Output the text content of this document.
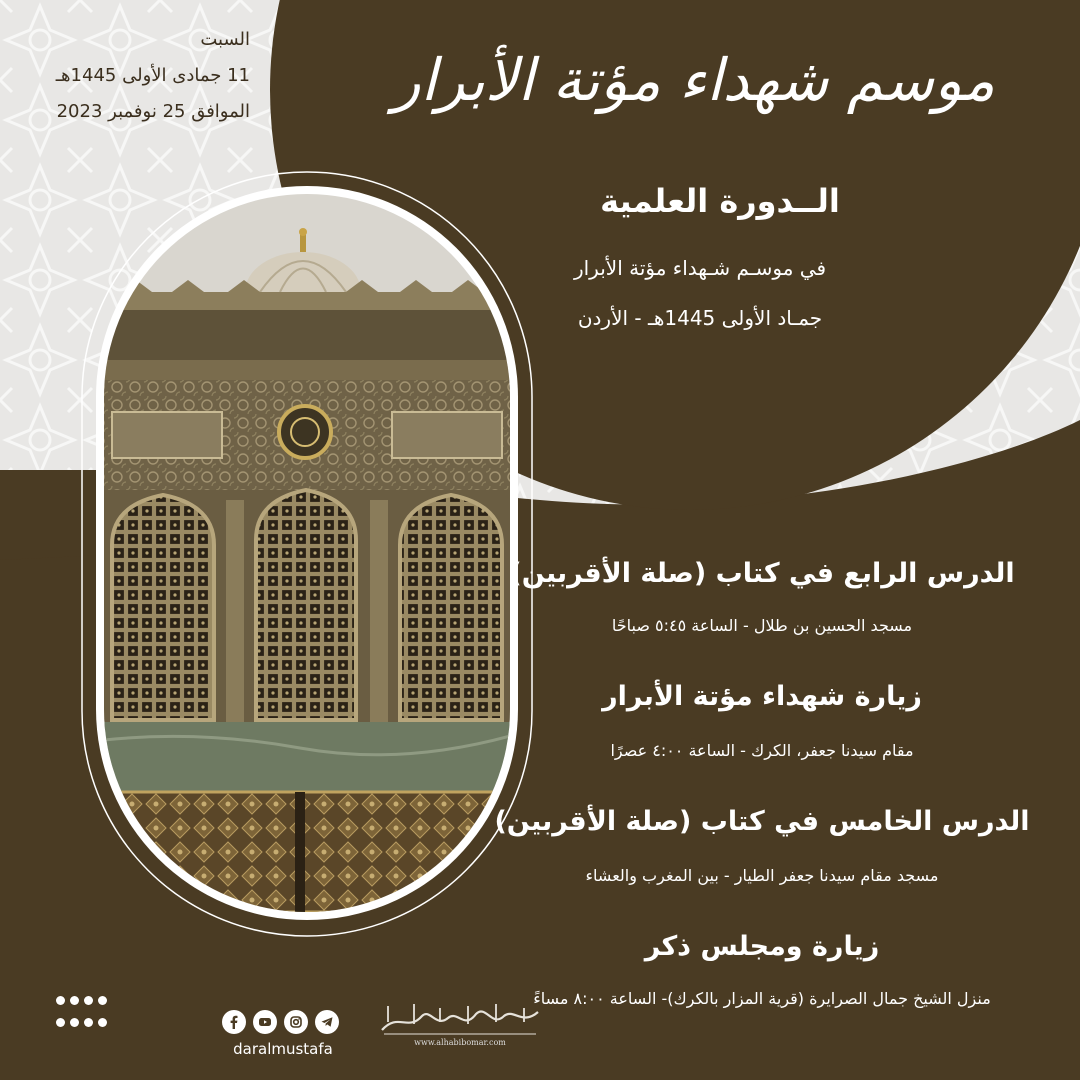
السبت
11 جمادى الأولى 1445هـ
الموافق 25 نوفمبر 2023 موسم شهداء مؤتة الأبرار
الــدورة العلمية
في موسـم شـهداء مؤتة الأبرار
جمـاد الأولى 1445هـ - الأردن
الدرس الرابع في كتاب (صلة الأقربين)
مسجد الحسين بن طلال - الساعة ٥:٤٥ صباحًا
زيارة شهداء مؤتة الأبرار
مقام سيدنا جعفر، الكرك - الساعة ٤:٠٠ عصرًا
الدرس الخامس في كتاب (صلة الأقربين)
مسجد مقام سيدنا جعفر الطيار - بين المغرب والعشاء
زيارة ومجلس ذكر
منزل الشيخ جمال الصرايرة (قرية المزار بالكرك)- الساعة ٨:٠٠ مساءً
daralmustafa	www.alhabibomar.com
